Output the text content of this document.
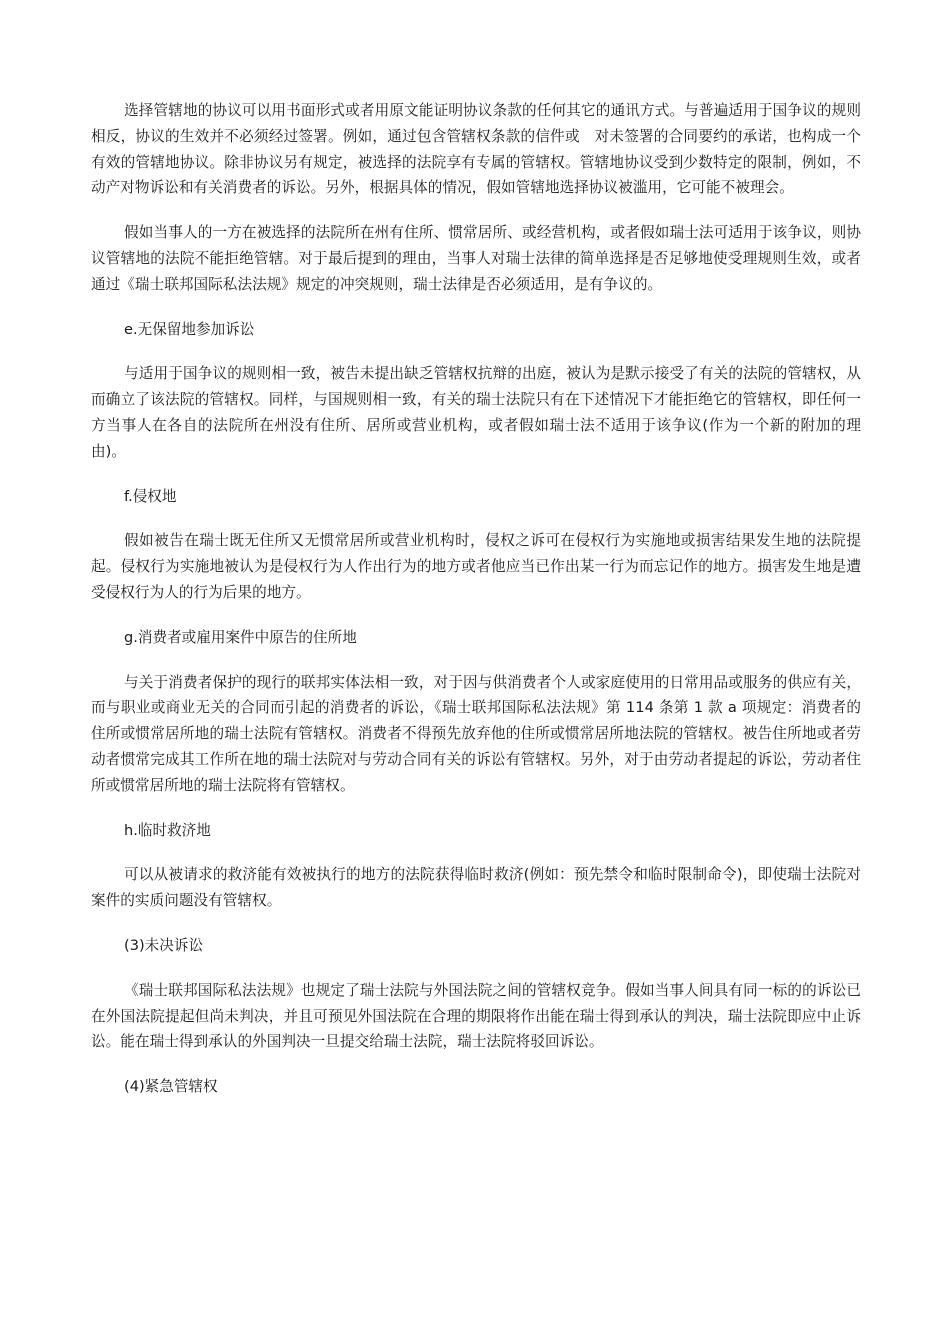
选择管辖地的协议可以用书面形式或者用原文能证明协议条款的任何其它的通讯方式。与普遍适用于国争议的规则相反，协议的生效并不必须经过签署。例如，通过包含管辖权条款的信件或　对未签署的合同要约的承诺，也构成一个有效的管辖地协议。除非协议另有规定，被选择的法院享有专属的管辖权。管辖地协议受到少数特定的限制，例如，不动产对物诉讼和有关消费者的诉讼。另外，根据具体的情况，假如管辖地选择协议被滥用，它可能不被理会。

假如当事人的一方在被选择的法院所在州有住所、惯常居所、或经营机构，或者假如瑞士法可适用于该争议，则协议管辖地的法院不能拒绝管辖。对于最后提到的理由，当事人对瑞士法律的简单选择是否足够地使受理规则生效，或者通过《瑞士联邦国际私法法规》规定的冲突规则，瑞士法律是否必须适用，是有争议的。

e.无保留地参加诉讼

与适用于国争议的规则相一致，被告未提出缺乏管辖权抗辩的出庭，被认为是默示接受了有关的法院的管辖权，从而确立了该法院的管辖权。同样，与国规则相一致，有关的瑞士法院只有在下述情况下才能拒绝它的管辖权，即任何一方当事人在各自的法院所在州没有住所、居所或营业机构，或者假如瑞士法不适用于该争议(作为一个新的附加的理由)。

f.侵权地

假如被告在瑞士既无住所又无惯常居所或营业机构时，侵权之诉可在侵权行为实施地或损害结果发生地的法院提起。侵权行为实施地被认为是侵权行为人作出行为的地方或者他应当已作出某一行为而忘记作的地方。损害发生地是遭受侵权行为人的行为后果的地方。

g.消费者或雇用案件中原告的住所地

与关于消费者保护的现行的联邦实体法相一致，对于因与供消费者个人或家庭使用的日常用品或服务的供应有关，而与职业或商业无关的合同而引起的消费者的诉讼，《瑞士联邦国际私法法规》第 114 条第 1 款 a 项规定：消费者的住所或惯常居所地的瑞士法院有管辖权。消费者不得预先放弃他的住所或惯常居所地法院的管辖权。被告住所地或者劳动者惯常完成其工作所在地的瑞士法院对与劳动合同有关的诉讼有管辖权。另外，对于由劳动者提起的诉讼，劳动者住所或惯常居所地的瑞士法院将有管辖权。

h.临时救济地

可以从被请求的救济能有效被执行的地方的法院获得临时救济(例如：预先禁令和临时限制命令)，即使瑞士法院对案件的实质问题没有管辖权。

(3)未决诉讼

《瑞士联邦国际私法法规》也规定了瑞士法院与外国法院之间的管辖权竞争。假如当事人间具有同一标的的诉讼已在外国法院提起但尚未判决，并且可预见外国法院在合理的期限将作出能在瑞士得到承认的判决，瑞士法院即应中止诉讼。能在瑞士得到承认的外国判决一旦提交给瑞士法院，瑞士法院将驳回诉讼。

(4)紧急管辖权
